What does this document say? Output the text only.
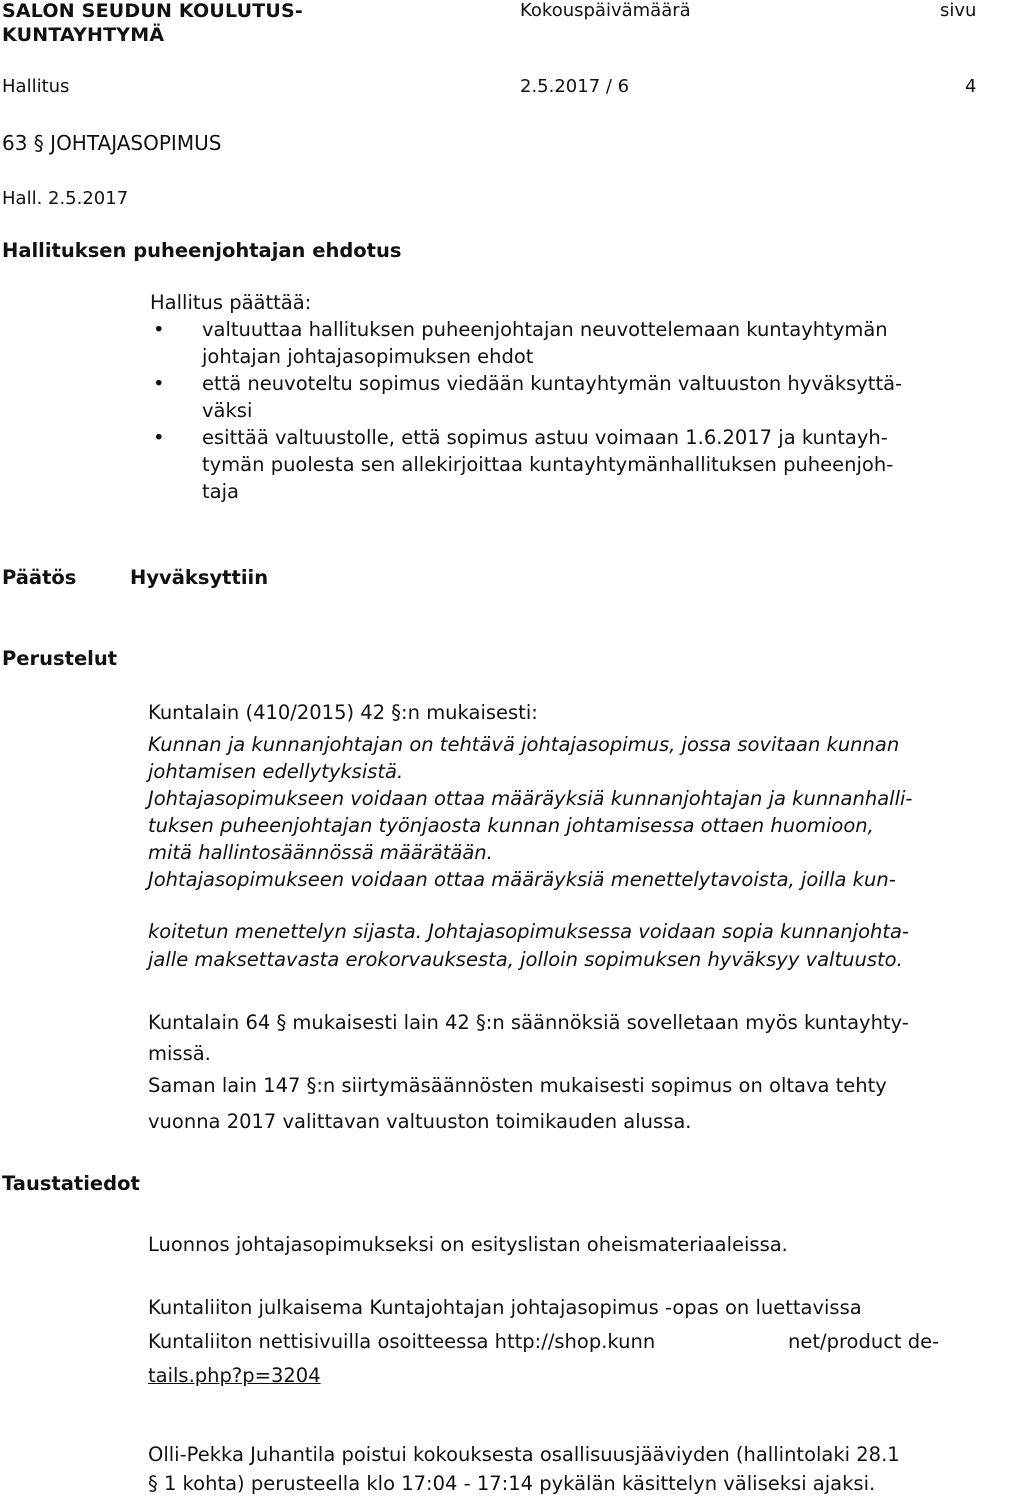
SALON SEUDUN KOULUTUS-
KUNTAYHTYMÄ
Kokouspäivämäärä	sivu
Hallitus	2.5.2017 / 6	4
63 § JOHTAJASOPIMUS
Hall. 2.5.2017
Hallituksen puheenjohtajan ehdotus
Hallitus päättää:
• valtuuttaa hallituksen puheenjohtajan neuvottelemaan kuntayhtymän
johtajan johtajasopimuksen ehdot
• että neuvoteltu sopimus viedään kuntayhtymän valtuuston hyväksyttä-
väksi
• esittää valtuustolle, että sopimus astuu voimaan 1.6.2017 ja kuntayh-
tymän puolesta sen allekirjoittaa kuntayhtymänhallituksen puheenjoh-
taja
Päätös	Hyväksyttiin
Perustelut
Kuntalain (410/2015) 42 §:n mukaisesti:
Kunnan ja kunnanjohtajan on tehtävä johtajasopimus, jossa sovitaan kunnan
johtamisen edellytyksistä.
Johtajasopimukseen voidaan ottaa määräyksiä kunnanjohtajan ja kunnanhalli-
tuksen puheenjohtajan työnjaosta kunnan johtamisessa ottaen huomioon,
mitä hallintosäännössä määrätään.
Johtajasopimukseen voidaan ottaa määräyksiä menettelytavoista, joilla kun-
koitetun menettelyn sijasta. Johtajasopimuksessa voidaan sopia kunnanjohta-
jalle maksettavasta erokorvauksesta, jolloin sopimuksen hyväksyy valtuusto.
Kuntalain 64 § mukaisesti lain 42 §:n säännöksiä sovelletaan myös kuntayhty-
missä.
Saman lain 147 §:n siirtymäsäännösten mukaisesti sopimus on oltava tehty
vuonna 2017 valittavan valtuuston toimikauden alussa.
Taustatiedot
Luonnos johtajasopimukseksi on esityslistan oheismateriaaleissa.
Kuntaliiton julkaisema Kuntajohtajan johtajasopimus -opas on luettavissa
Kuntaliiton nettisivuilla osoitteessa http://shop.kunn	net/product de-
tails.php?p=3204
Olli-Pekka Juhantila poistui kokouksesta osallisuusjääviyden (hallintolaki 28.1
§ 1 kohta) perusteella klo 17:04 - 17:14 pykälän käsittelyn väliseksi ajaksi.
